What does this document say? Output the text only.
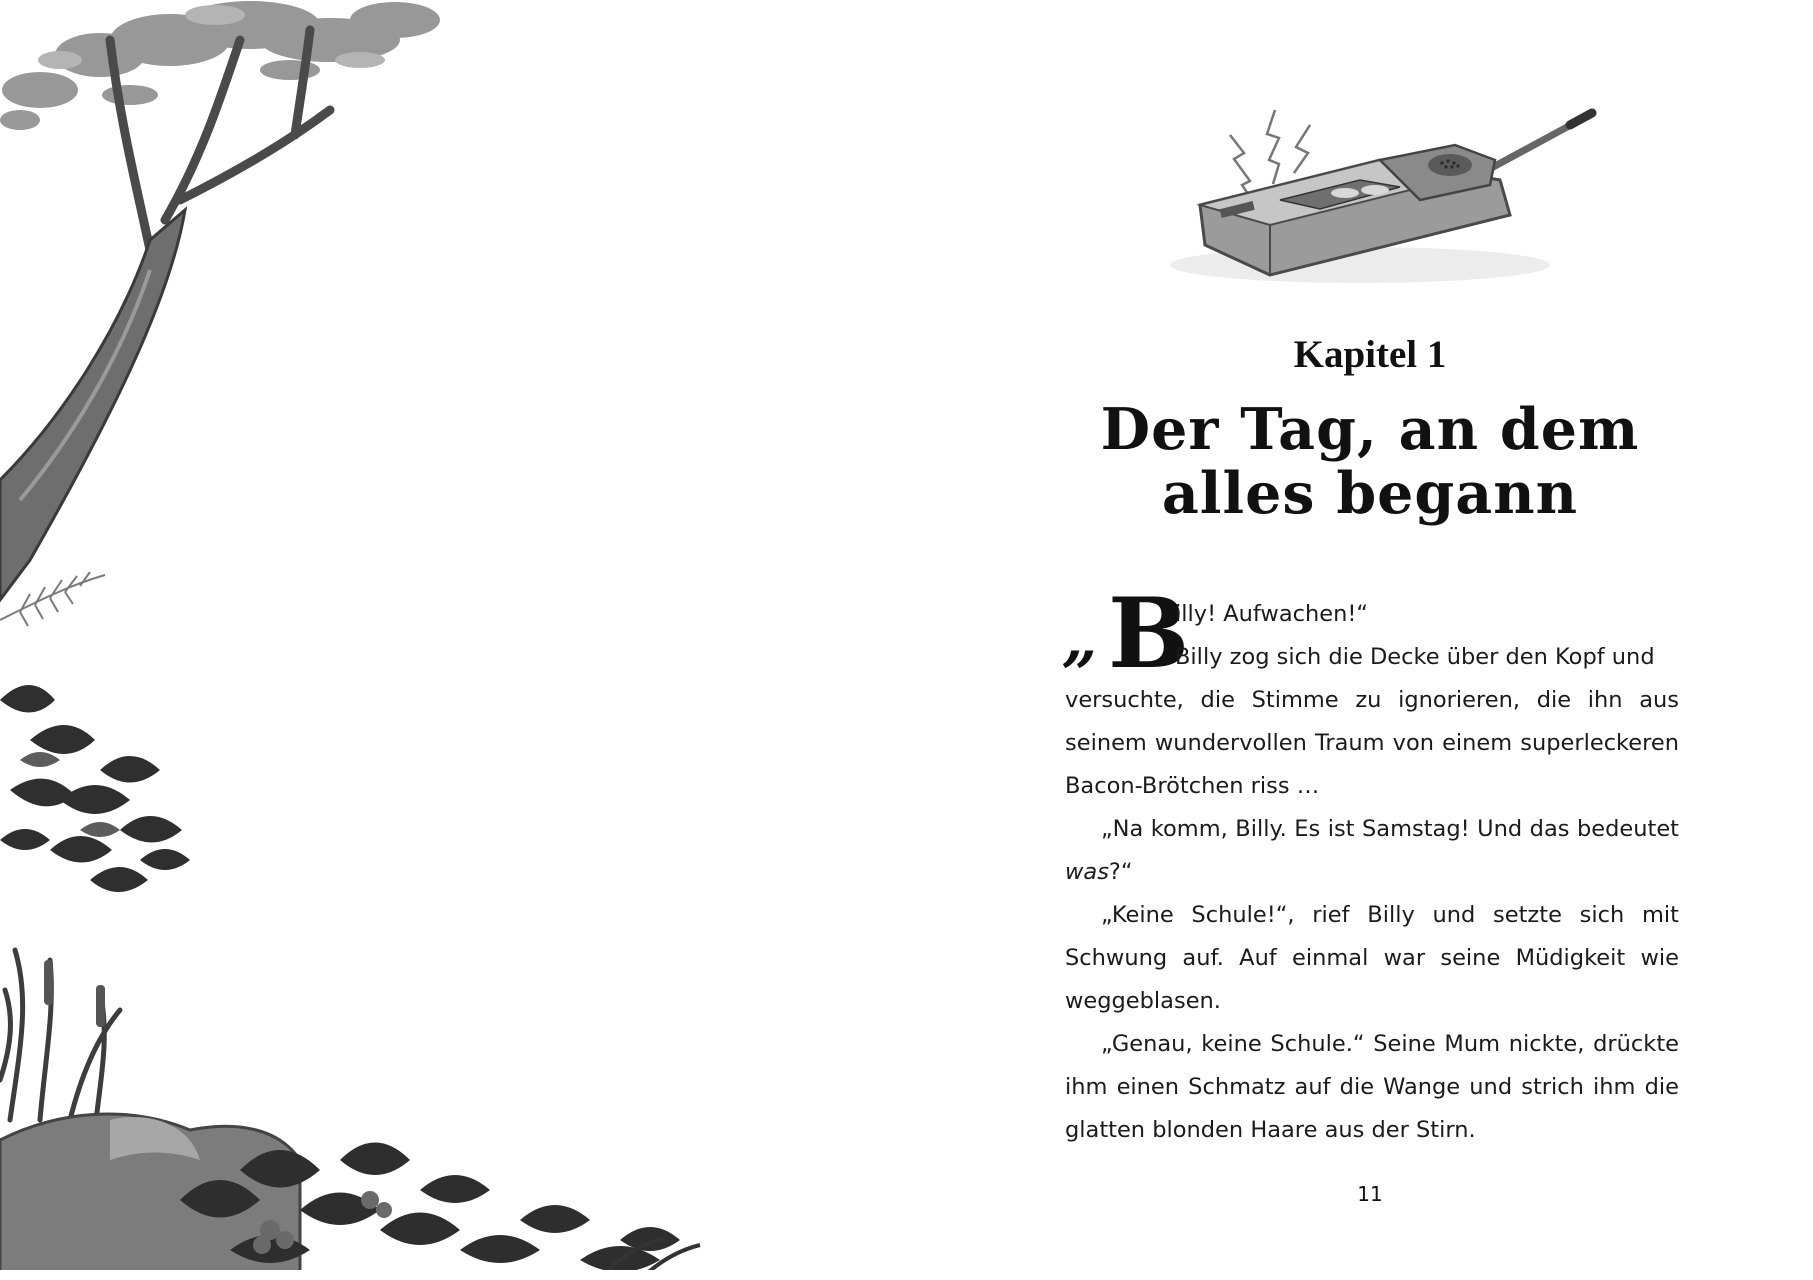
Kapitel 1
Der Tag, an dem
alles begann
„ B

illy! Aufwachen!“

Billy zog sich die Decke über den Kopf und

versuchte, die Stimme zu ignorieren, die ihn aus seinem wundervollen Traum von einem superleckeren Bacon-Brötchen riss …

„Na komm, Billy. Es ist Samstag! Und das bedeutet was?“

„Keine Schule!“, rief Billy und setzte sich mit Schwung auf. Auf einmal war seine Müdigkeit wie weggeblasen.

„Genau, keine Schule.“ Seine Mum nickte, drückte ihm einen Schmatz auf die Wange und strich ihm die glatten blonden Haare aus der Stirn.

11
